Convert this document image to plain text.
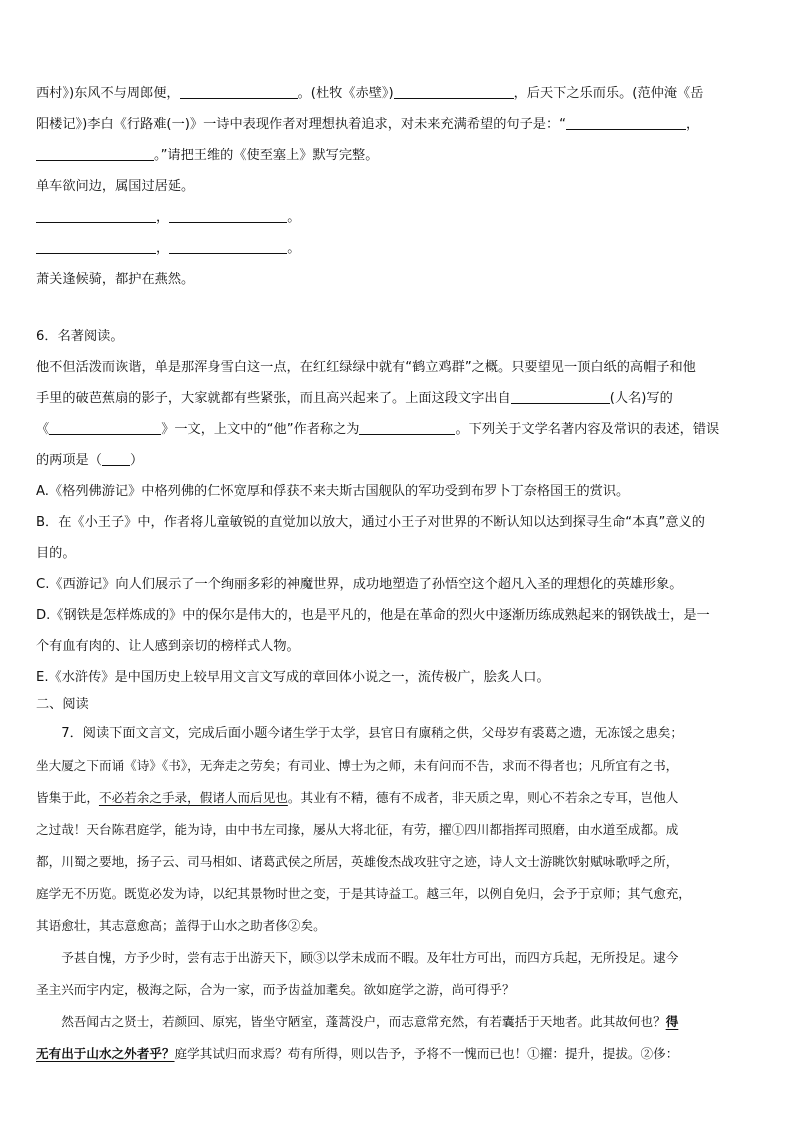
西村》)东风不与周郎便，	。(杜牧《赤壁》)	，后天下之乐而乐。(范仲淹《岳
阳楼记》)李白《行路难(一)》一诗中表现作者对理想执着追求，对未来充满希望的句子是：“	，
。”请把王维的《使至塞上》默写完整。
单车欲问边，属国过居延。
，	。
，	。
萧关逢候骑，都护在燕然。
6．名著阅读。
他不但活泼而诙谐，单是那浑身雪白这一点，在红红绿绿中就有“鹤立鸡群”之概。只要望见一顶白纸的高帽子和他
手里的破芭蕉扇的影子，大家就都有些紧张，而且高兴起来了。上面这段文字出自	(人名)写的
《	》一文，上文中的“他”作者称之为	。下列关于文学名著内容及常识的表述，错误
的两项是（ ）
A.《格列佛游记》中格列佛的仁怀宽厚和俘获不来夫斯古国舰队的军功受到布罗卜丁奈格国王的赏识。
B．在《小王子》中，作者将儿童敏锐的直觉加以放大，通过小王子对世界的不断认知以达到探寻生命“本真”意义的
目的。
C.《西游记》向人们展示了一个绚丽多彩的神魔世界，成功地塑造了孙悟空这个超凡入圣的理想化的英雄形象。
D.《钢铁是怎样炼成的》中的保尔是伟大的，也是平凡的，他是在革命的烈火中逐渐历练成熟起来的钢铁战士，是一
个有血有肉的、让人感到亲切的榜样式人物。
E.《水浒传》是中国历史上较早用文言文写成的章回体小说之一，流传极广，脍炙人口。
二、阅读
7．阅读下面文言文，完成后面小题今诸生学于太学，县官日有廪稍之供，父母岁有裘葛之遗，无冻馁之患矣；
坐大厦之下而诵《诗》《书》，无奔走之劳矣；有司业、博士为之师，未有问而不告，求而不得者也；凡所宜有之书，
皆集于此，不必若余之手录，假诸人而后见也。其业有不精，德有不成者，非天质之卑，则心不若余之专耳，岂他人
之过哉！天台陈君庭学，能为诗，由中书左司掾，屡从大将北征，有劳，擢①四川都指挥司照磨，由水道至成都。成
都，川蜀之要地，扬子云、司马相如、诸葛武侯之所居，英雄俊杰战攻驻守之迹，诗人文士游眺饮射赋咏歌呼之所，
庭学无不历览。既览必发为诗，以纪其景物时世之变，于是其诗益工。越三年，以例自免归，会予于京师；其气愈充，
其语愈壮，其志意愈高；盖得于山水之助者侈②矣。
予甚自愧，方予少时，尝有志于出游天下，顾③以学未成而不暇。及年壮方可出，而四方兵起，无所投足。逮今
圣主兴而宇内定，极海之际，合为一家，而予齿益加耄矣。欲如庭学之游，尚可得乎？
然吾闻古之贤士，若颜回、原宪，皆坐守陋室，蓬蒿没户，而志意常充然，有若囊括于天地者。此其故何也？得
无有出于山水之外者乎？庭学其试归而求焉？苟有所得，则以告予，予将不一愧而已也！①擢：提升，提拔。②侈：
